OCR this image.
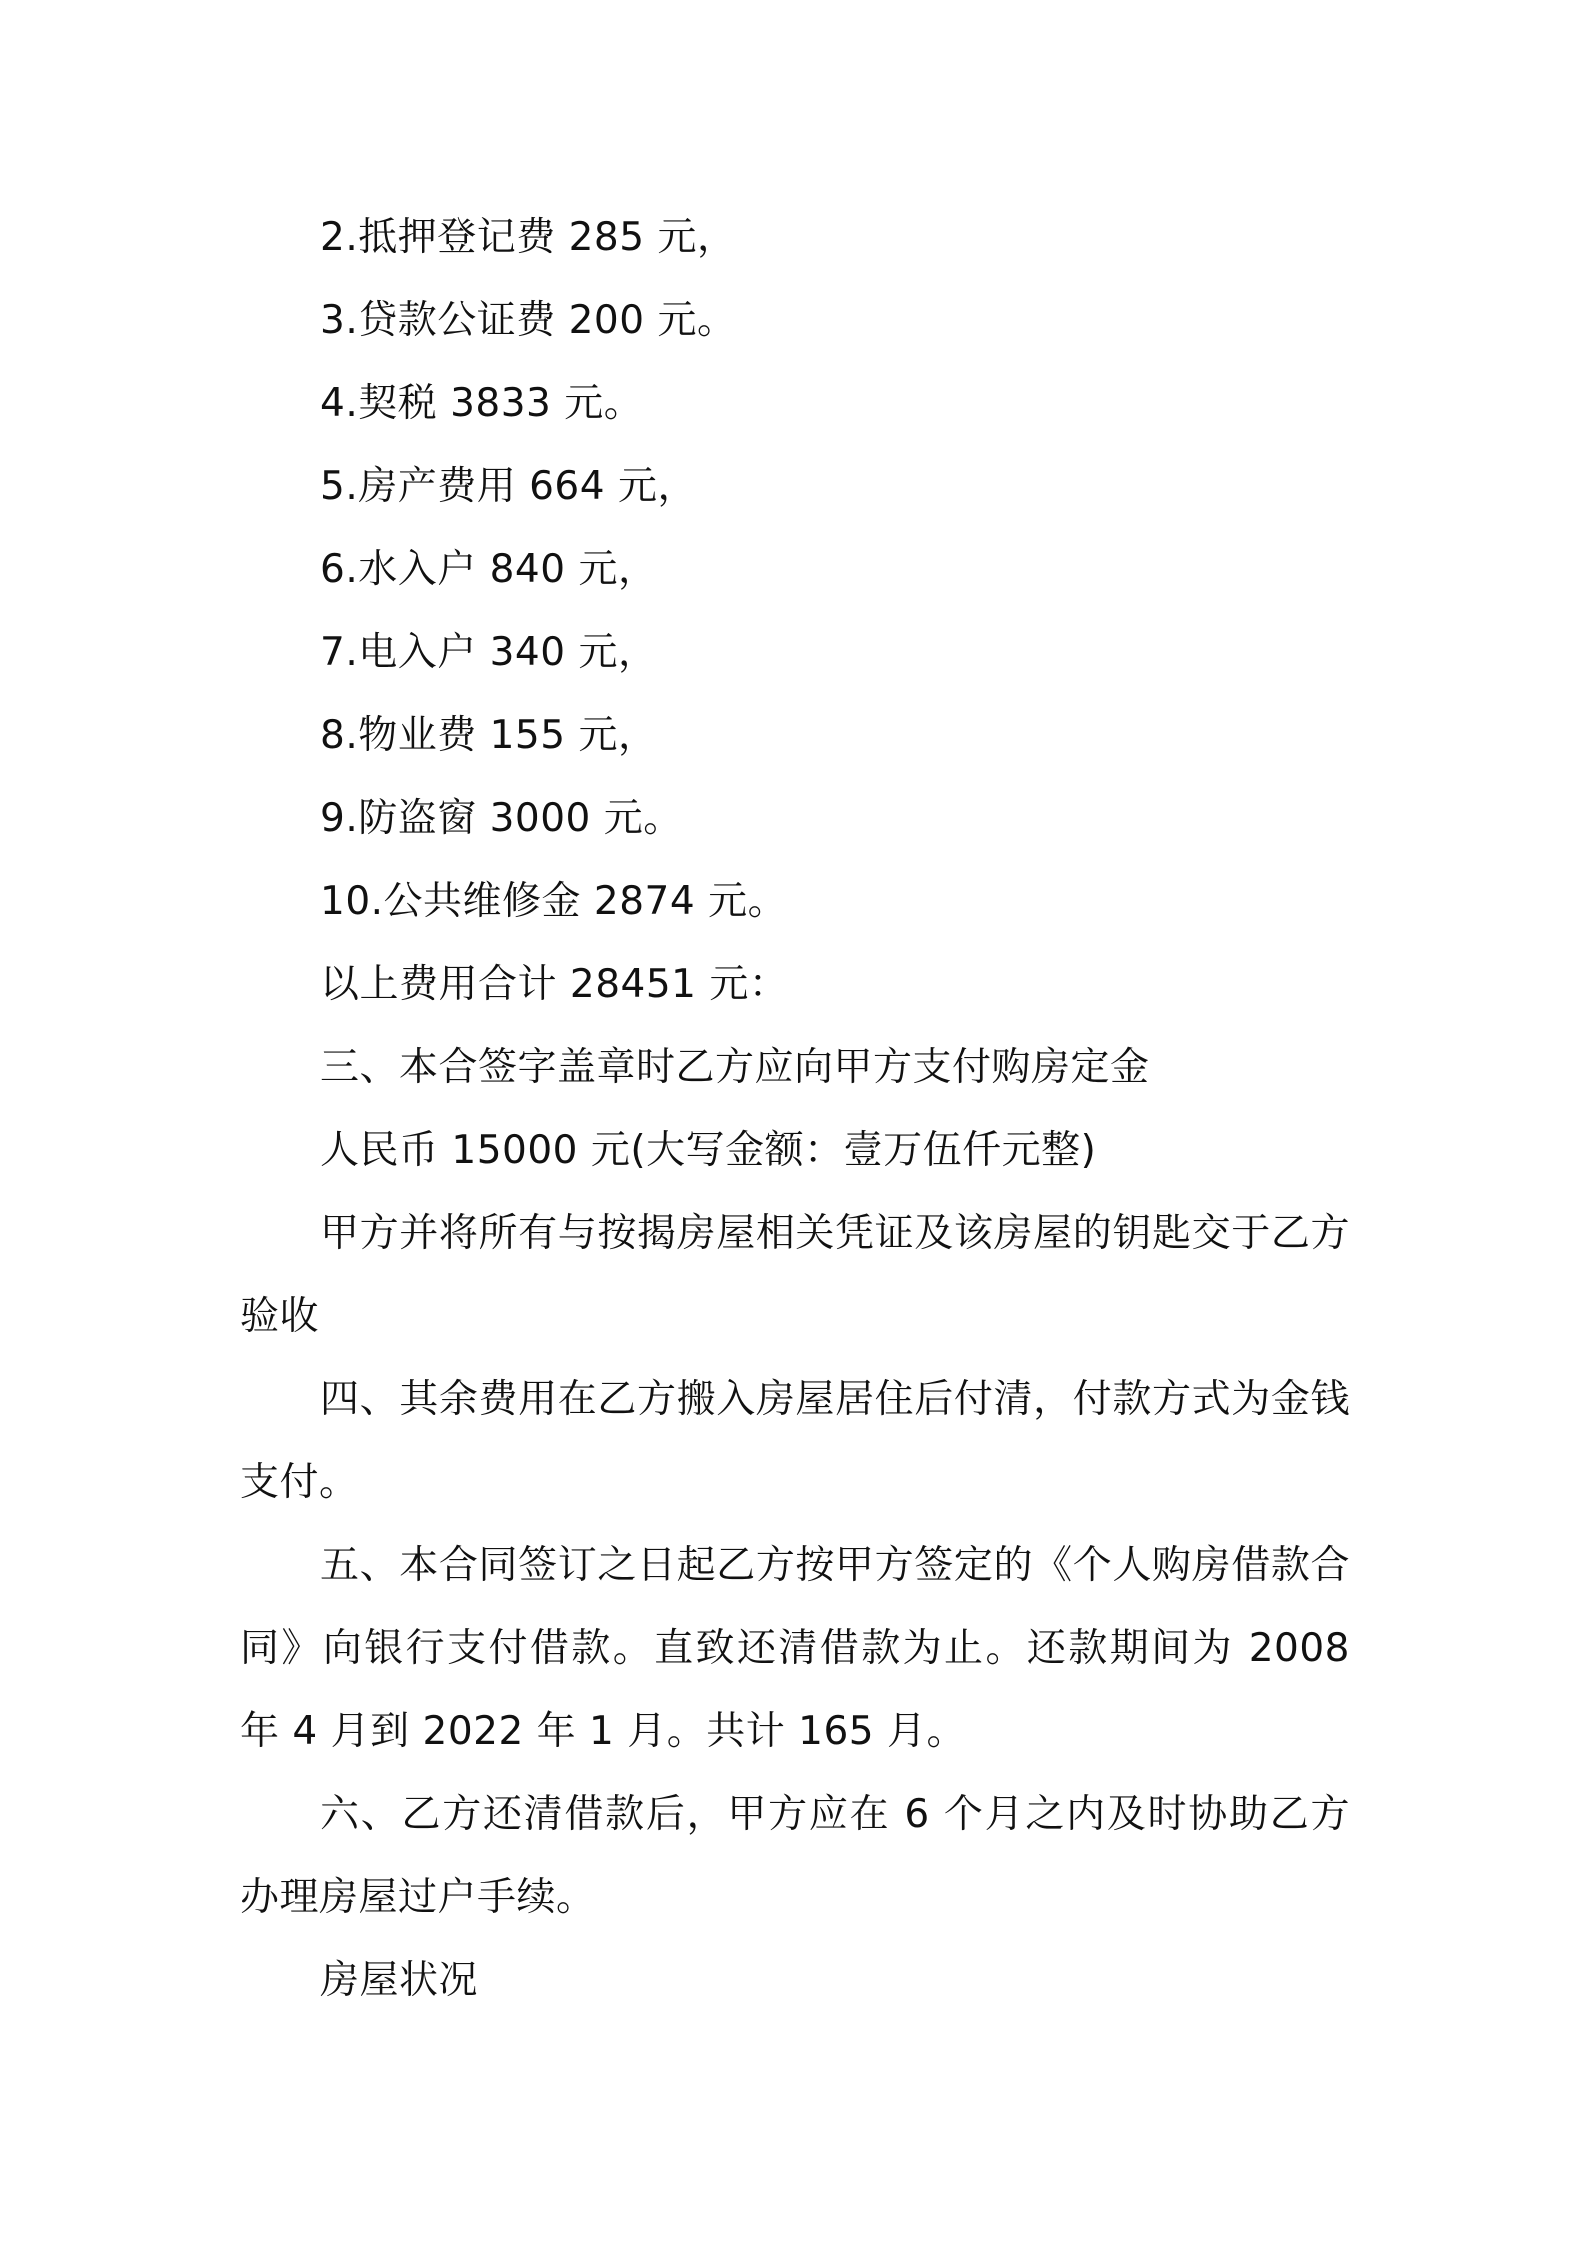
2.抵押登记费 285 元，
3.贷款公证费 200 元。
4.契税 3833 元。
5.房产费用 664 元，
6.水入户 840 元，
7.电入户 340 元，
8.物业费 155 元，
9.防盗窗 3000 元。
10.公共维修金 2874 元。
以上费用合计 28451 元：
三、本合签字盖章时乙方应向甲方支付购房定金
人民币 15000 元(大写金额：壹万伍仟元整)
甲方并将所有与按揭房屋相关凭证及该房屋的钥匙交于乙方验收
四、其余费用在乙方搬入房屋居住后付清，付款方式为金钱支付。
五、本合同签订之日起乙方按甲方签定的《个人购房借款合同》向银行支付借款。直致还清借款为止。还款期间为 2008 年 4 月到 2022 年 1 月。共计 165 月。
六、乙方还清借款后，甲方应在 6 个月之内及时协助乙方办理房屋过户手续。
房屋状况
